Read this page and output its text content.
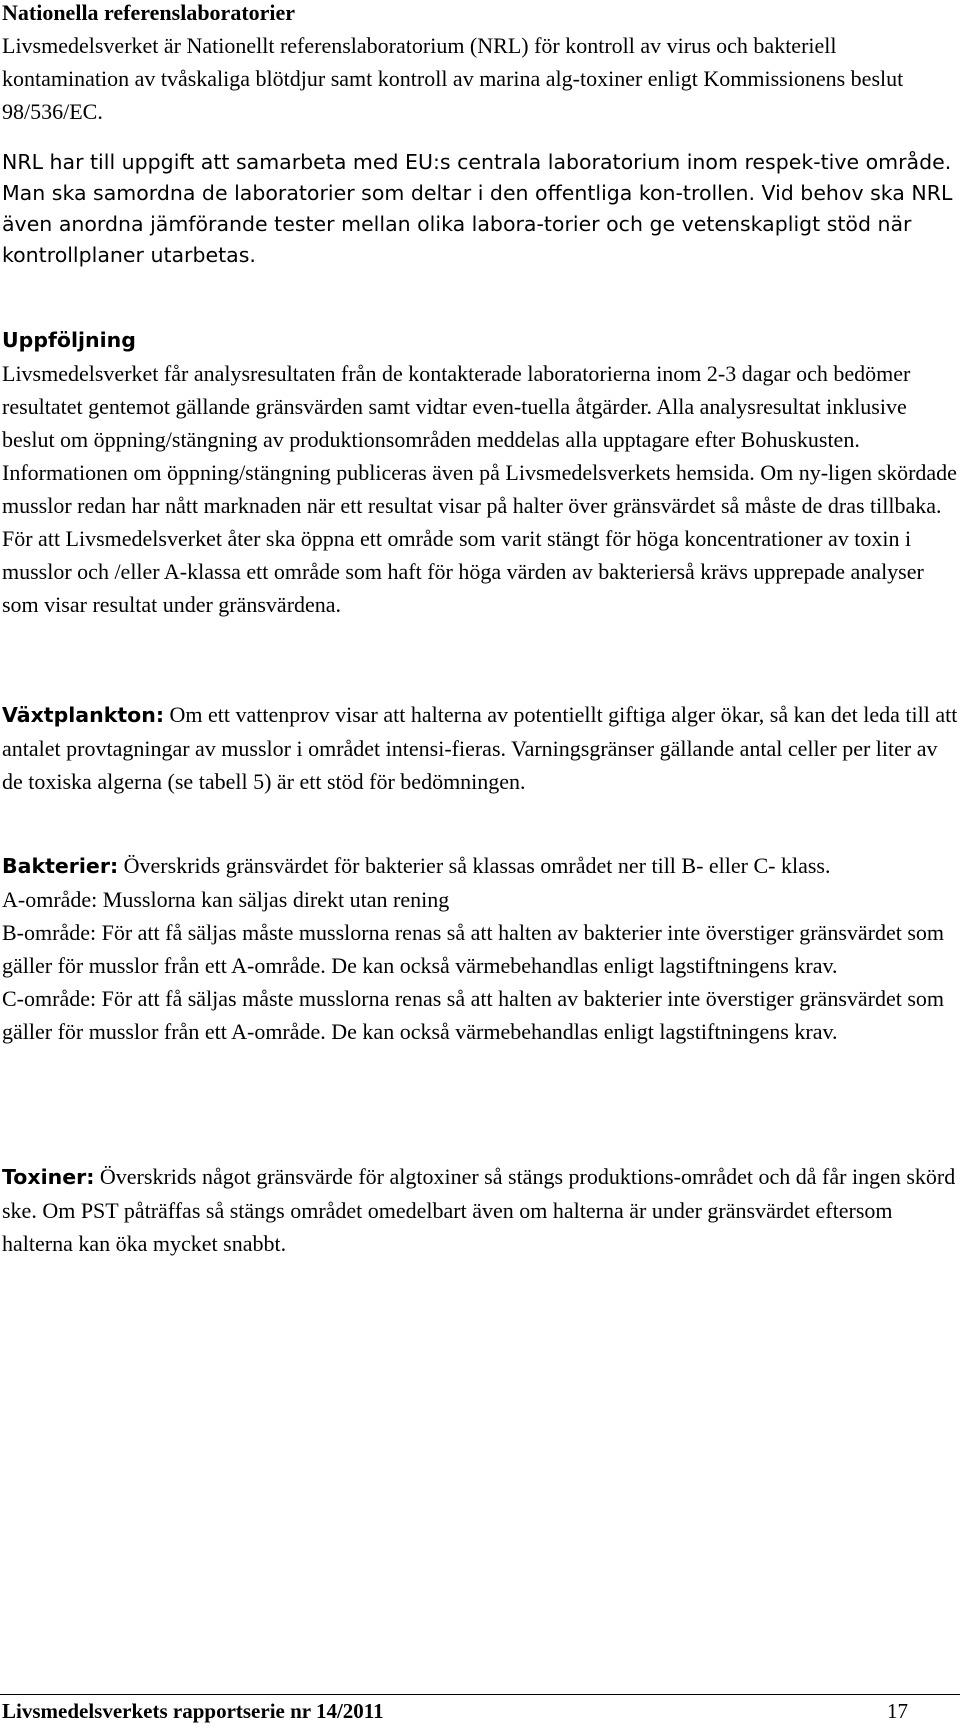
Nationella referenslaboratorier

Livsmedelsverket är Nationellt referenslaboratorium (NRL) för kontroll av virus och bakteriell kontamination av tvåskaliga blötdjur samt kontroll av marina alg-toxiner enligt Kommissionens beslut 98/536/EC.

NRL har till uppgift att samarbeta med EU:s centrala laboratorium inom respek-tive område. Man ska samordna de laboratorier som deltar i den offentliga kon-trollen. Vid behov ska NRL även anordna jämförande tester mellan olika labora-torier och ge vetenskapligt stöd när kontrollplaner utarbetas.

Uppföljning

Livsmedelsverket får analysresultaten från de kontakterade laboratorierna inom 2-3 dagar och bedömer resultatet gentemot gällande gränsvärden samt vidtar even-tuella åtgärder. Alla analysresultat inklusive beslut om öppning/stängning av produktionsområden meddelas alla upptagare efter Bohuskusten. Informationen om öppning/stängning publiceras även på Livsmedelsverkets hemsida. Om ny-ligen skördade musslor redan har nått marknaden när ett resultat visar på halter över gränsvärdet så måste de dras tillbaka. För att Livsmedelsverket åter ska öppna ett område som varit stängt för höga koncentrationer av toxin i musslor och /eller A-klassa ett område som haft för höga värden av bakterierså krävs upprepade analyser som visar resultat under gränsvärdena.

Växtplankton: Om ett vattenprov visar att halterna av potentiellt giftiga alger ökar, så kan det leda till att antalet provtagningar av musslor i området intensi-fieras. Varningsgränser gällande antal celler per liter av de toxiska algerna (se tabell 5) är ett stöd för bedömningen.

Bakterier: Överskrids gränsvärdet för bakterier så klassas området ner till B- eller C- klass.

A-område: Musslorna kan säljas direkt utan rening

B-område: För att få säljas måste musslorna renas så att halten av bakterier inte överstiger gränsvärdet som gäller för musslor från ett A-område. De kan också värmebehandlas enligt lagstiftningens krav.

C-område: För att få säljas måste musslorna renas så att halten av bakterier inte överstiger gränsvärdet som gäller för musslor från ett A-område. De kan också värmebehandlas enligt lagstiftningens krav.

Toxiner: Överskrids något gränsvärde för algtoxiner så stängs produktions-området och då får ingen skörd ske. Om PST påträffas så stängs området omedelbart även om halterna är under gränsvärdet eftersom halterna kan öka mycket snabbt.

Livsmedelsverkets rapportserie nr 14/2011	17
